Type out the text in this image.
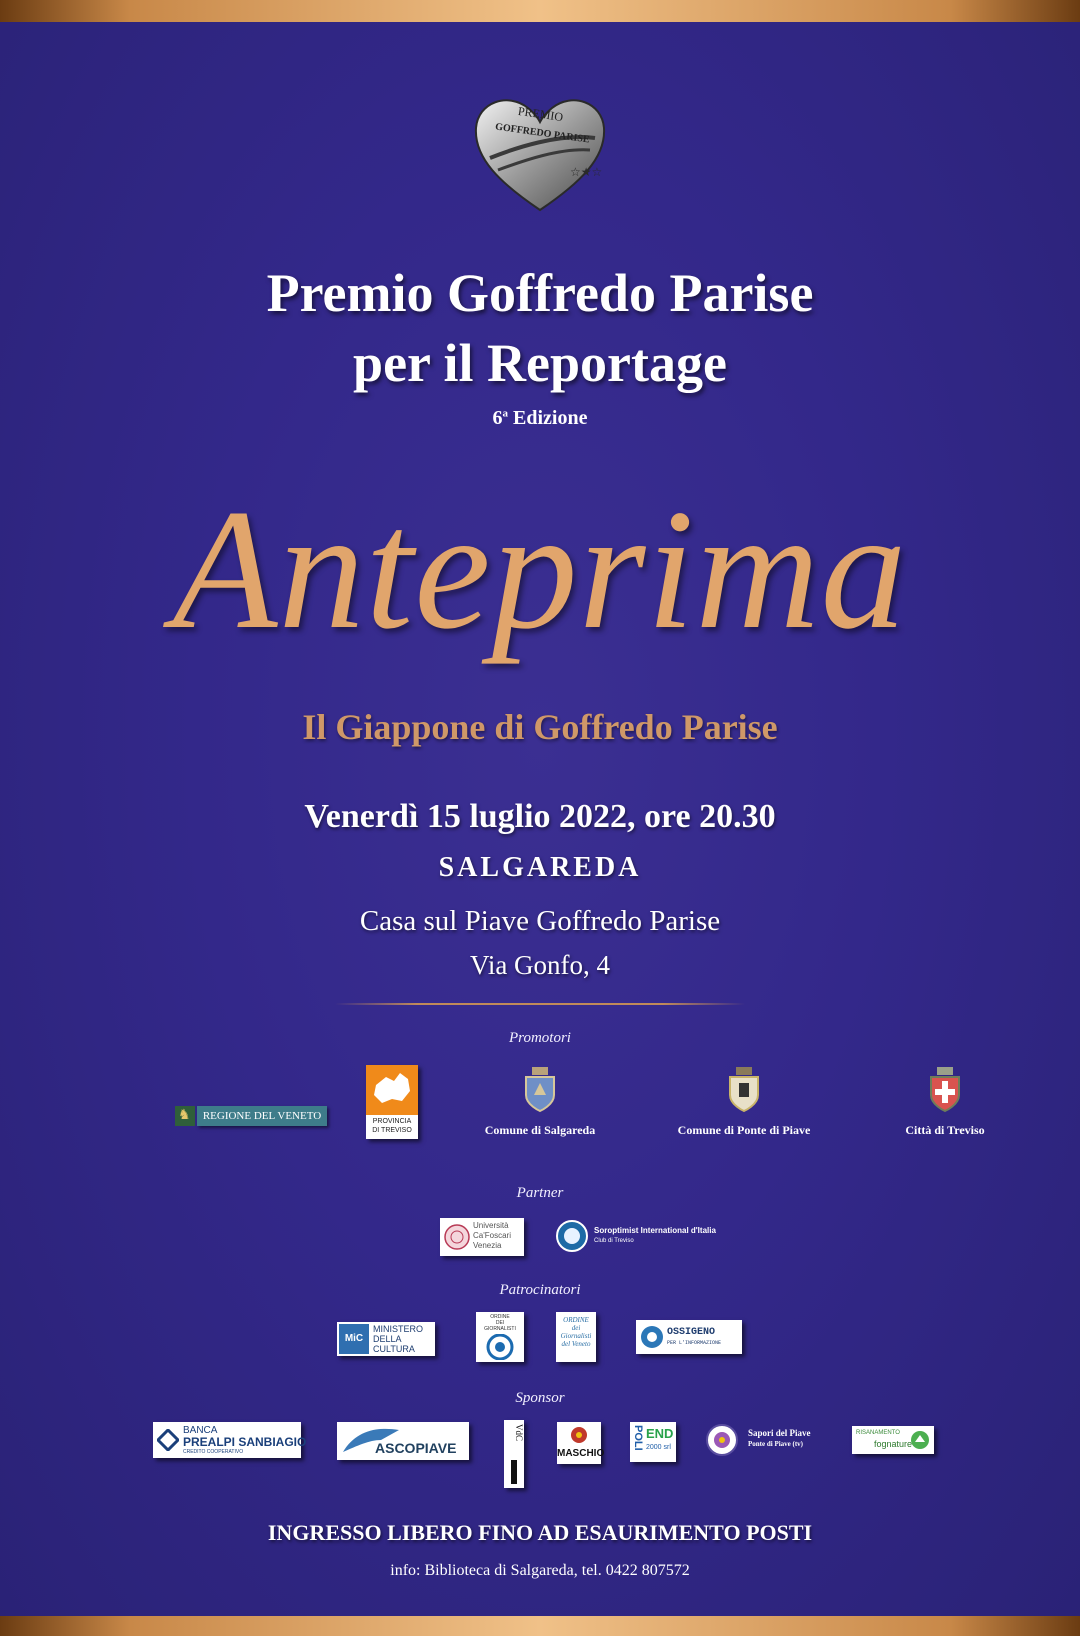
PREMIO
GOFFREDO PARISE
☆★☆
Premio Goffredo Parise
per il Reportage
6$^a$ Edizione
Anteprima
Il Giappone di Goffredo Parise
Venerdì 15 luglio 2022, ore 20.30
SALGAREDA
Casa sul Piave Goffredo Parise
Via Gonfo, 4
Promotori
♞	REGIONE DEL VENETO	PROVINCIA
DI TREVISO	Comune di Salgareda	Comune di Ponte di Piave	Città di Treviso
Partner
Università
Ca'Foscari
Venezia
Soroptimist International d'Italia
Club di Treviso
Patrocinatori
MiC
MINISTERO
DELLA
CULTURA
ORDINE
DEI
GIORNALISTI
ORDINE
dei
Giornalisti
del Veneto
OSSIGENO
PER L'INFORMAZIONE
Sponsor
BANCA
PREALPI SANBIAGIO
CREDITO COOPERATIVO	ASCOPIAVE
VdC
MASCHIO
POLI END
2000 srl
Sapori del Piave
Ponte di Piave (tv)
RISANAMENTO
fognature
INGRESSO LIBERO FINO AD ESAURIMENTO POSTI
info: Biblioteca di Salgareda, tel. 0422 807572
